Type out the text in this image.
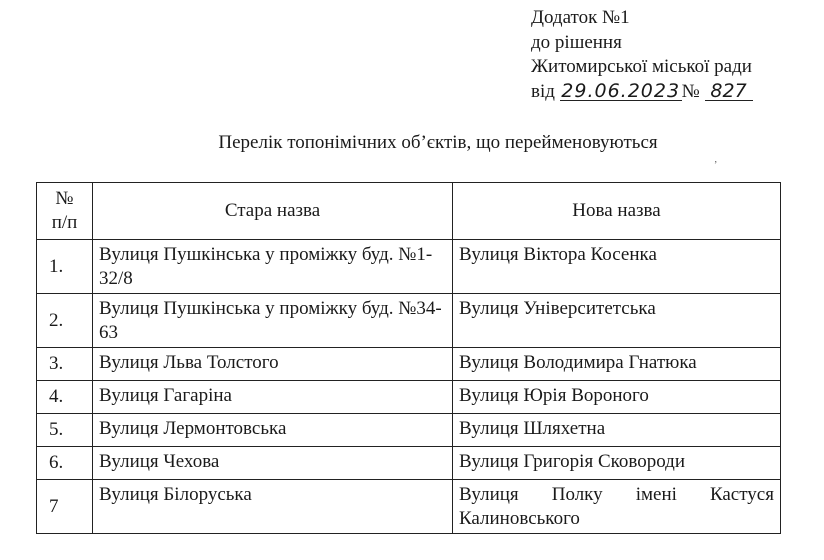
Додаток №1
до рішення
Житомирської міської ради
від 29.06.2023№ 827
Перелік топонімічних об’єктів, що перейменовуються
ʼ
№
п/п	Стара назва	Нова назва
1.	Вулиця Пушкінська у проміжку буд. №1-32/8	Вулиця Віктора Косенка
2.	Вулиця Пушкінська у проміжку буд. №34-63	Вулиця Університетська
3.	Вулиця Льва Толстого	Вулиця Володимира Гнатюка
4.	Вулиця Гагаріна	Вулиця Юрія Вороного
5.	Вулиця Лермонтовська	Вулиця Шляхетна
6.	Вулиця Чехова	Вулиця Григорія Сковороди
7	Вулиця Білоруська	Вулиця Полку імені Кастуся
Калиновського
